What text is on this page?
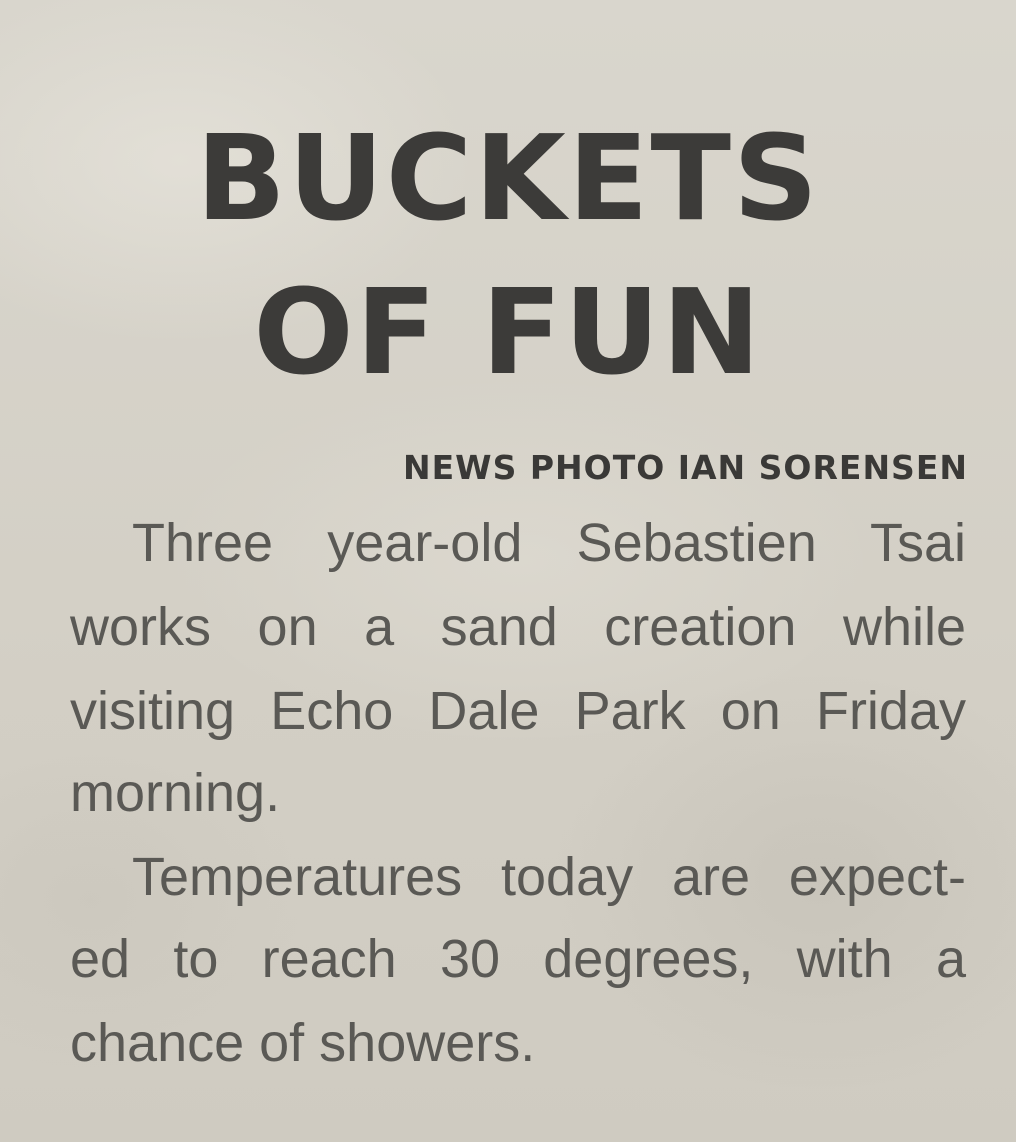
BUCKETS
OF FUN
NEWS PHOTO IAN SORENSEN
Three year-old Sebastien Tsai
works on a sand creation while
visiting Echo Dale Park on Friday
morning.
Temperatures today are expect-
ed to reach 30 degrees, with a
chance of showers.
